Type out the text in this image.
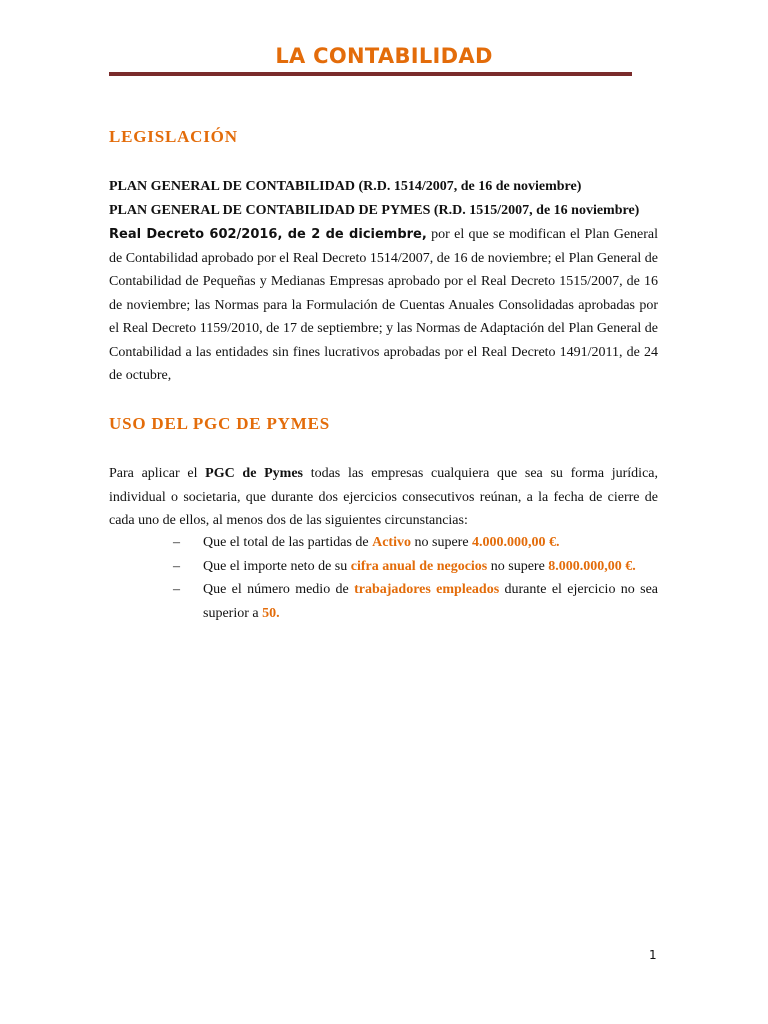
LA CONTABILIDAD
LEGISLACIÓN
PLAN GENERAL DE CONTABILIDAD (R.D. 1514/2007, de 16 de noviembre)
PLAN GENERAL DE CONTABILIDAD DE PYMES (R.D. 1515/2007, de 16 noviembre)
Real Decreto 602/2016, de 2 de diciembre, por el que se modifican el Plan General de Contabilidad aprobado por el Real Decreto 1514/2007, de 16 de noviembre; el Plan General de Contabilidad de Pequeñas y Medianas Empresas aprobado por el Real Decreto 1515/2007, de 16 de noviembre; las Normas para la Formulación de Cuentas Anuales Consolidadas aprobadas por el Real Decreto 1159/2010, de 17 de septiembre; y las Normas de Adaptación del Plan General de Contabilidad a las entidades sin fines lucrativos aprobadas por el Real Decreto 1491/2011, de 24 de octubre,
USO DEL PGC DE PYMES
Para aplicar el PGC de Pymes todas las empresas cualquiera que sea su forma jurídica, individual o societaria, que durante dos ejercicios consecutivos reúnan, a la fecha de cierre de cada uno de ellos, al menos dos de las siguientes circunstancias:
– Que el total de las partidas de Activo no supere 4.000.000,00 €.
– Que el importe neto de su cifra anual de negocios no supere 8.000.000,00 €.
– Que el número medio de trabajadores empleados durante el ejercicio no sea superior a 50.
1
